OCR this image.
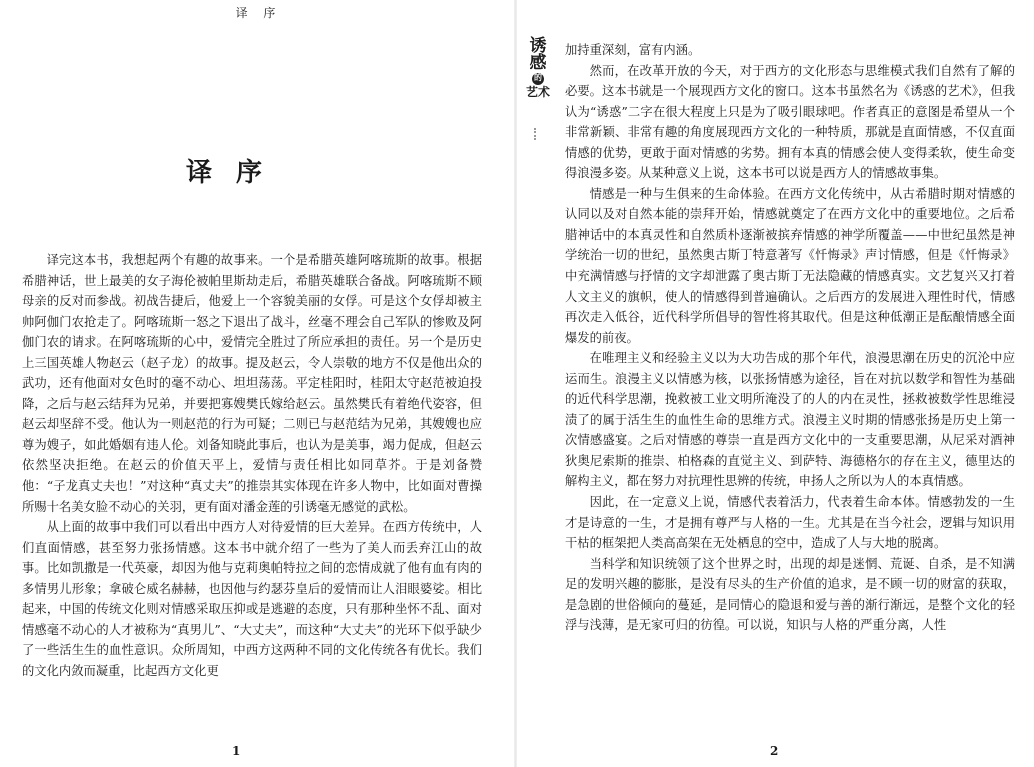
译 序
译序

译完这本书，我想起两个有趣的故事来。一个是希腊英雄阿喀琉斯的故事。根据希腊神话，世上最美的女子海伦被帕里斯劫走后，希腊英雄联合备战。阿喀琉斯不顾母亲的反对而参战。初战告捷后，他爱上一个容貌美丽的女俘。可是这个女俘却被主帅阿伽门农抢走了。阿喀琉斯一怒之下退出了战斗，丝毫不理会自己军队的惨败及阿伽门农的请求。在阿喀琉斯的心中，爱情完全胜过了所应承担的责任。另一个是历史上三国英雄人物赵云（赵子龙）的故事。提及赵云，令人崇敬的地方不仅是他出众的武功，还有他面对女色时的毫不动心、坦坦荡荡。平定桂阳时，桂阳太守赵范被迫投降，之后与赵云结拜为兄弟，并要把寡嫂樊氏嫁给赵云。虽然樊氏有着绝代姿容，但赵云却坚辞不受。他认为一则赵范的行为可疑；二则已与赵范结为兄弟，其嫂嫂也应尊为嫂子，如此婚姻有违人伦。刘备知晓此事后，也认为是美事，竭力促成，但赵云依然坚决拒绝。在赵云的价值天平上，爱情与责任相比如同草芥。于是刘备赞他：“子龙真丈夫也！”对这种“真丈夫”的推崇其实体现在许多人物中，比如面对曹操所赐十名美女脸不动心的关羽，更有面对潘金莲的引诱毫无感觉的武松。

从上面的故事中我们可以看出中西方人对待爱情的巨大差异。在西方传统中，人们直面情感，甚至努力张扬情感。这本书中就介绍了一些为了美人而丢弃江山的故事。比如凯撒是一代英豪，却因为他与克莉奥帕特拉之间的恋情成就了他有血有肉的多情男儿形象；拿破仑威名赫赫，也因他与约瑟芬皇后的爱情而让人泪眼婆娑。相比起来，中国的传统文化则对情感采取压抑或是逃避的态度，只有那种坐怀不乱、面对情感毫不动心的人才被称为“真男儿”、“大丈夫”，而这种“大丈夫”的光环下似乎缺少了一些活生生的血性意识。众所周知，中西方这两种不同的文化传统各有优长。我们的文化内敛而凝重，比起西方文化更

1
诱
感
的
艺术

加持重深刻，富有内涵。

然而，在改革开放的今天，对于西方的文化形态与思维模式我们自然有了解的必要。这本书就是一个展现西方文化的窗口。这本书虽然名为《诱惑的艺术》，但我认为“诱惑”二字在很大程度上只是为了吸引眼球吧。作者真正的意图是希望从一个非常新颖、非常有趣的角度展现西方文化的一种特质，那就是直面情感，不仅直面情感的优势，更敢于面对情感的劣势。拥有本真的情感会使人变得柔软，使生命变得浪漫多姿。从某种意义上说，这本书可以说是西方人的情感故事集。

情感是一种与生俱来的生命体验。在西方文化传统中，从古希腊时期对情感的认同以及对自然本能的崇拜开始，情感就奠定了在西方文化中的重要地位。之后希腊神话中的本真灵性和自然质朴逐渐被摈弃情感的神学所覆盖——中世纪虽然是神学统治一切的世纪，虽然奥古斯丁特意著写《忏悔录》声讨情感，但是《忏悔录》中充满情感与抒情的文字却泄露了奥古斯丁无法隐藏的情感真实。文艺复兴又打着人文主义的旗帜，使人的情感得到普遍确认。之后西方的发展进入理性时代，情感再次走入低谷，近代科学所倡导的智性将其取代。但是这种低潮正是酝酿情感全面爆发的前夜。

在唯理主义和经验主义以为大功告成的那个年代，浪漫思潮在历史的沉沦中应运而生。浪漫主义以情感为核，以张扬情感为途径，旨在对抗以数学和智性为基础的近代科学思潮，挽救被工业文明所淹没了的人的内在灵性，拯救被数学性思维浸渍了的属于活生生的血性生命的思维方式。浪漫主义时期的情感张扬是历史上第一次情感盛宴。之后对情感的尊崇一直是西方文化中的一支重要思潮，从尼采对酒神狄奥尼索斯的推崇、柏格森的直觉主义、到萨特、海德格尔的存在主义，德里达的解构主义，都在努力对抗理性思辨的传统，申扬人之所以为人的本真情感。

因此，在一定意义上说，情感代表着活力，代表着生命本体。情感勃发的一生才是诗意的一生，才是拥有尊严与人格的一生。尤其是在当今社会，逻辑与知识用干枯的框架把人类高高架在无处栖息的空中，造成了人与大地的脱离。

当科学和知识统领了这个世界之时，出现的却是迷惘、荒诞、自杀，是不知满足的发明兴趣的膨胀，是没有尽头的生产价值的追求，是不顾一切的财富的获取，是急剧的世俗倾向的蔓延，是同情心的隐退和爱与善的渐行渐远，是整个文化的轻浮与浅薄，是无家可归的彷徨。可以说，知识与人格的严重分离，人性

2
